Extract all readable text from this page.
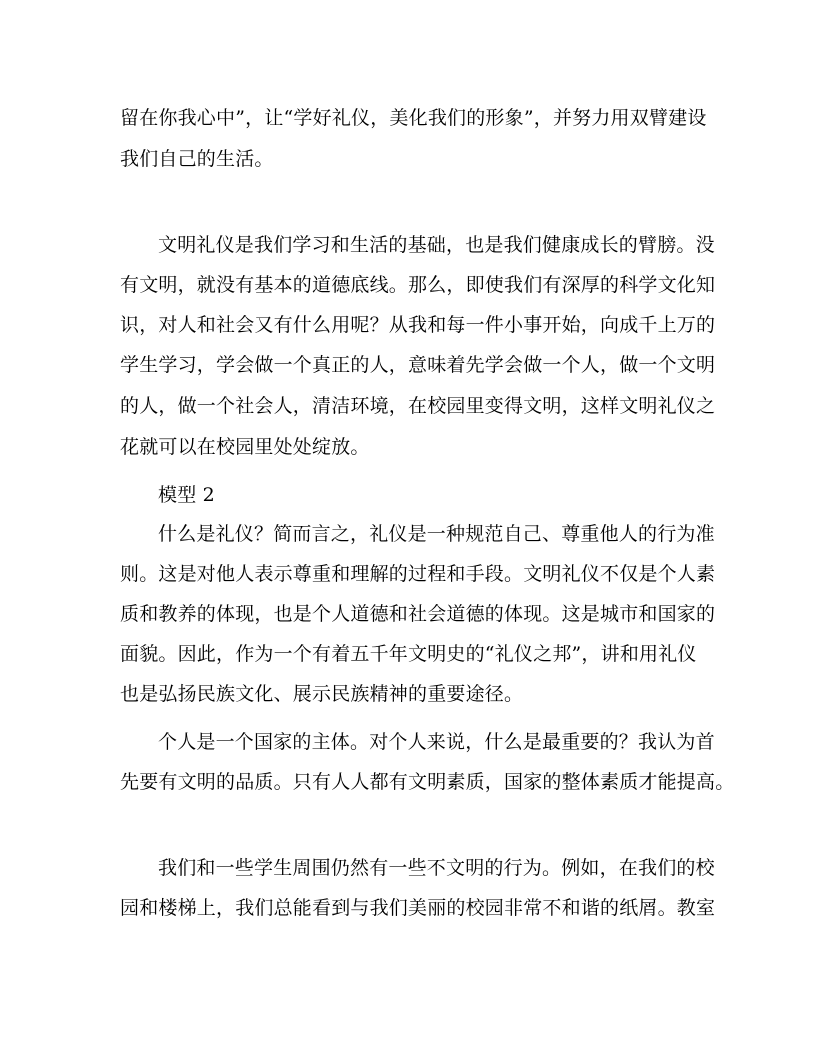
留在你我心中”，让“学好礼仪，美化我们的形象”，并努力用双臂建设
我们自己的生活。
文明礼仪是我们学习和生活的基础，也是我们健康成长的臂膀。没
有文明，就没有基本的道德底线。那么，即使我们有深厚的科学文化知
识，对人和社会又有什么用呢？从我和每一件小事开始，向成千上万的
学生学习，学会做一个真正的人，意味着先学会做一个人，做一个文明
的人，做一个社会人，清洁环境，在校园里变得文明，这样文明礼仪之
花就可以在校园里处处绽放。
模型 2
什么是礼仪？简而言之，礼仪是一种规范自己、尊重他人的行为准
则。这是对他人表示尊重和理解的过程和手段。文明礼仪不仅是个人素
质和教养的体现，也是个人道德和社会道德的体现。这是城市和国家的
面貌。因此，作为一个有着五千年文明史的“礼仪之邦”，讲和用礼仪
也是弘扬民族文化、展示民族精神的重要途径。
个人是一个国家的主体。对个人来说，什么是最重要的？我认为首
先要有文明的品质。只有人人都有文明素质，国家的整体素质才能提高。
我们和一些学生周围仍然有一些不文明的行为。例如，在我们的校
园和楼梯上，我们总能看到与我们美丽的校园非常不和谐的纸屑。教室
